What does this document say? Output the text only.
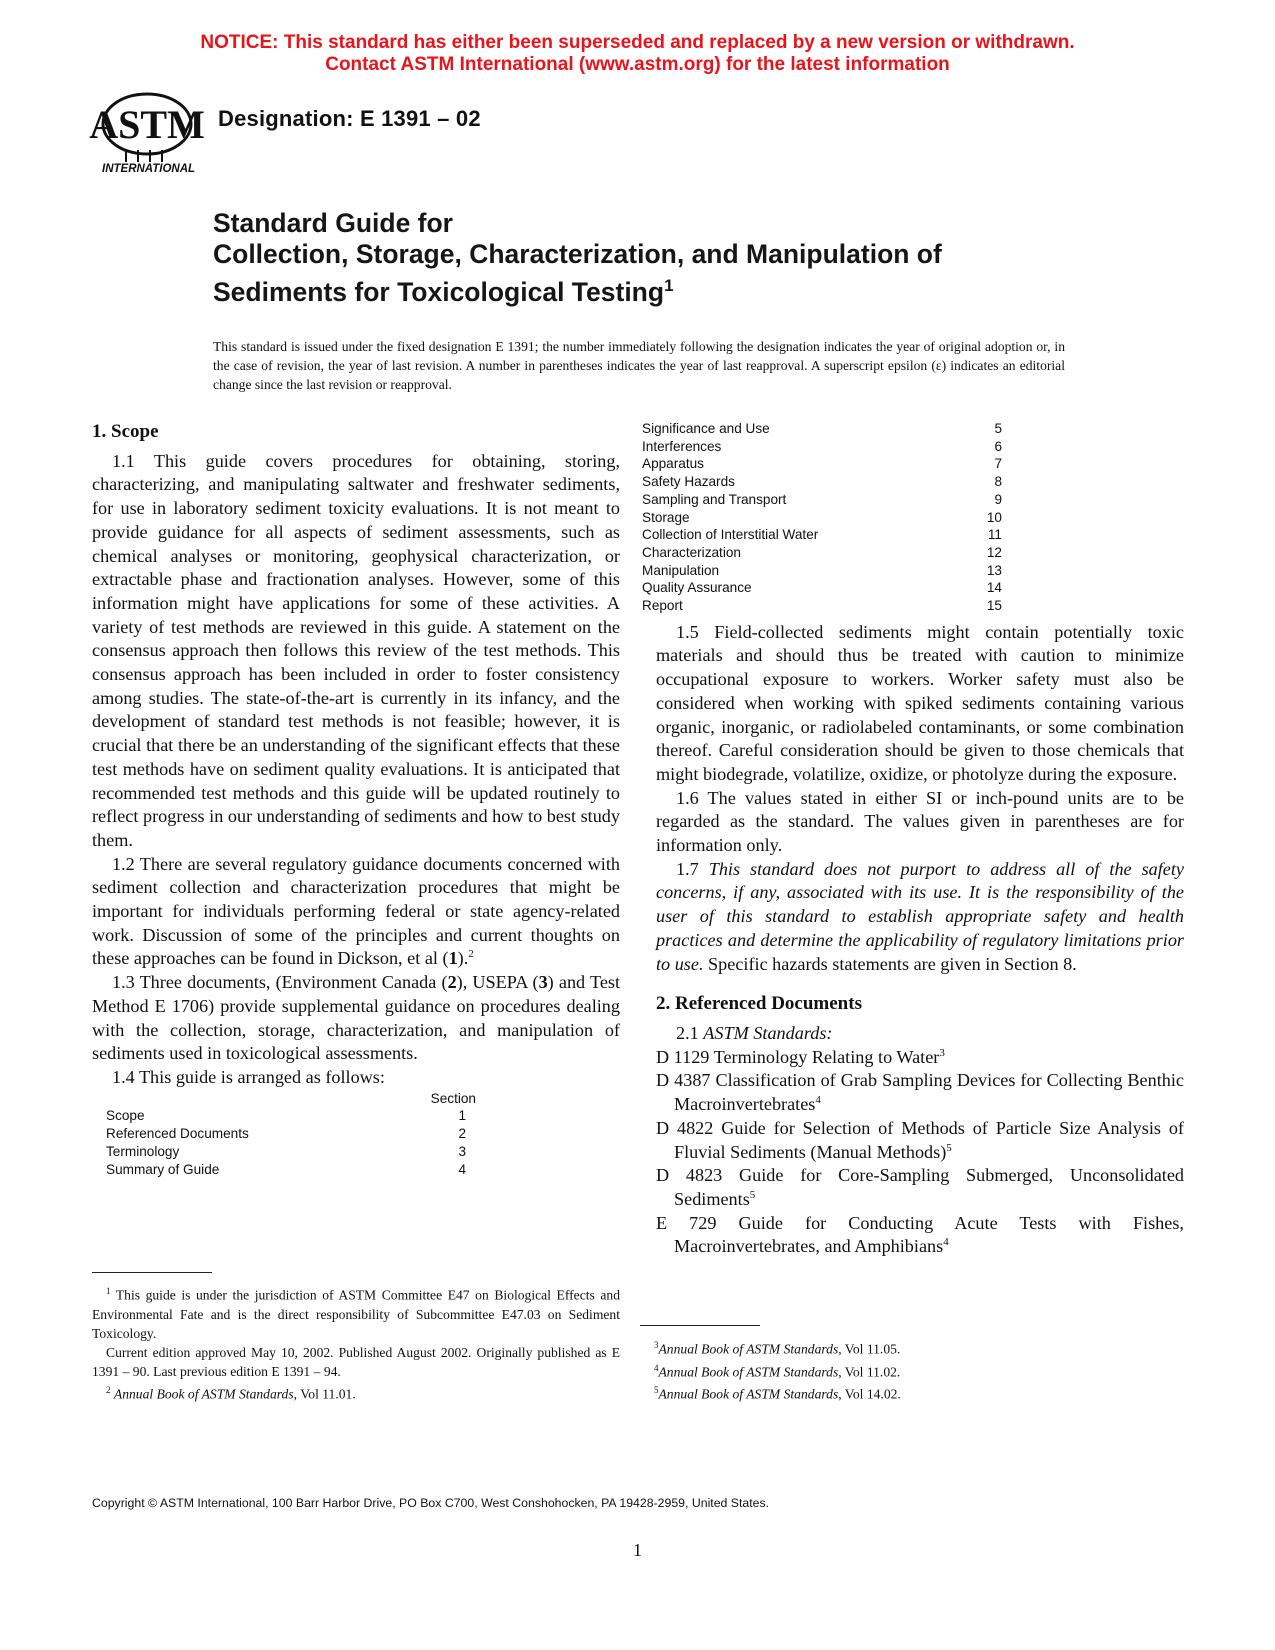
NOTICE: This standard has either been superseded and replaced by a new version or withdrawn.
Contact ASTM International (www.astm.org) for the latest information
ASTM
INTERNATIONAL
Designation: E 1391 – 02
Standard Guide for
Collection, Storage, Characterization, and Manipulation of
Sediments for Toxicological Testing$^1$
This standard is issued under the fixed designation E 1391; the number immediately following the designation indicates the year of original adoption or, in the case of revision, the year of last revision. A number in parentheses indicates the year of last reapproval. A superscript epsilon (ε) indicates an editorial change since the last revision or reapproval.
1. Scope

1.1 This guide covers procedures for obtaining, storing, characterizing, and manipulating saltwater and freshwater sediments, for use in laboratory sediment toxicity evaluations. It is not meant to provide guidance for all aspects of sediment assessments, such as chemical analyses or monitoring, geophysical characterization, or extractable phase and fractionation analyses. However, some of this information might have applications for some of these activities. A variety of test methods are reviewed in this guide. A statement on the consensus approach then follows this review of the test methods. This consensus approach has been included in order to foster consistency among studies. The state-of-the-art is currently in its infancy, and the development of standard test methods is not feasible; however, it is crucial that there be an understanding of the significant effects that these test methods have on sediment quality evaluations. It is anticipated that recommended test methods and this guide will be updated routinely to reflect progress in our understanding of sediments and how to best study them.

1.2 There are several regulatory guidance documents concerned with sediment collection and characterization procedures that might be important for individuals performing federal or state agency-related work. Discussion of some of the principles and current thoughts on these approaches can be found in Dickson, et al (1).$^2$

1.3 Three documents, (Environment Canada (2), USEPA (3) and Test Method E 1706) provide supplemental guidance on procedures dealing with the collection, storage, characterization, and manipulation of sediments used in toxicological assessments.

1.4 This guide is arranged as follows:

	Section
Scope	1
Referenced Documents	2
Terminology	3
Summary of Guide	4
Significance and Use	5
Interferences	6
Apparatus	7
Safety Hazards	8
Sampling and Transport	9
Storage	10
Collection of Interstitial Water	11
Characterization	12
Manipulation	13
Quality Assurance	14
Report	15

1.5 Field-collected sediments might contain potentially toxic materials and should thus be treated with caution to minimize occupational exposure to workers. Worker safety must also be considered when working with spiked sediments containing various organic, inorganic, or radiolabeled contaminants, or some combination thereof. Careful consideration should be given to those chemicals that might biodegrade, volatilize, oxidize, or photolyze during the exposure.

1.6 The values stated in either SI or inch-pound units are to be regarded as the standard. The values given in parentheses are for information only.

1.7 This standard does not purport to address all of the safety concerns, if any, associated with its use. It is the responsibility of the user of this standard to establish appropriate safety and health practices and determine the applicability of regulatory limitations prior to use. Specific hazards statements are given in Section 8.

2. Referenced Documents

2.1 ASTM Standards:

D 1129 Terminology Relating to Water$^3$
D 4387 Classification of Grab Sampling Devices for Collecting Benthic Macroinvertebrates$^4$
D 4822 Guide for Selection of Methods of Particle Size Analysis of Fluvial Sediments (Manual Methods)$^5$
D 4823 Guide for Core-Sampling Submerged, Unconsolidated Sediments$^5$
E 729 Guide for Conducting Acute Tests with Fishes, Macroinvertebrates, and Amphibians$^4$

$^1$ This guide is under the jurisdiction of ASTM Committee E47 on Biological Effects and Environmental Fate and is the direct responsibility of Subcommittee E47.03 on Sediment Toxicology.

Current edition approved May 10, 2002. Published August 2002. Originally published as E 1391 – 90. Last previous edition E 1391 – 94.

$^2$ Annual Book of ASTM Standards, Vol 11.01.

$^3$Annual Book of ASTM Standards, Vol 11.05.

$^4$Annual Book of ASTM Standards, Vol 11.02.

$^5$Annual Book of ASTM Standards, Vol 14.02.

Copyright © ASTM International, 100 Barr Harbor Drive, PO Box C700, West Conshohocken, PA 19428-2959, United States.
1
